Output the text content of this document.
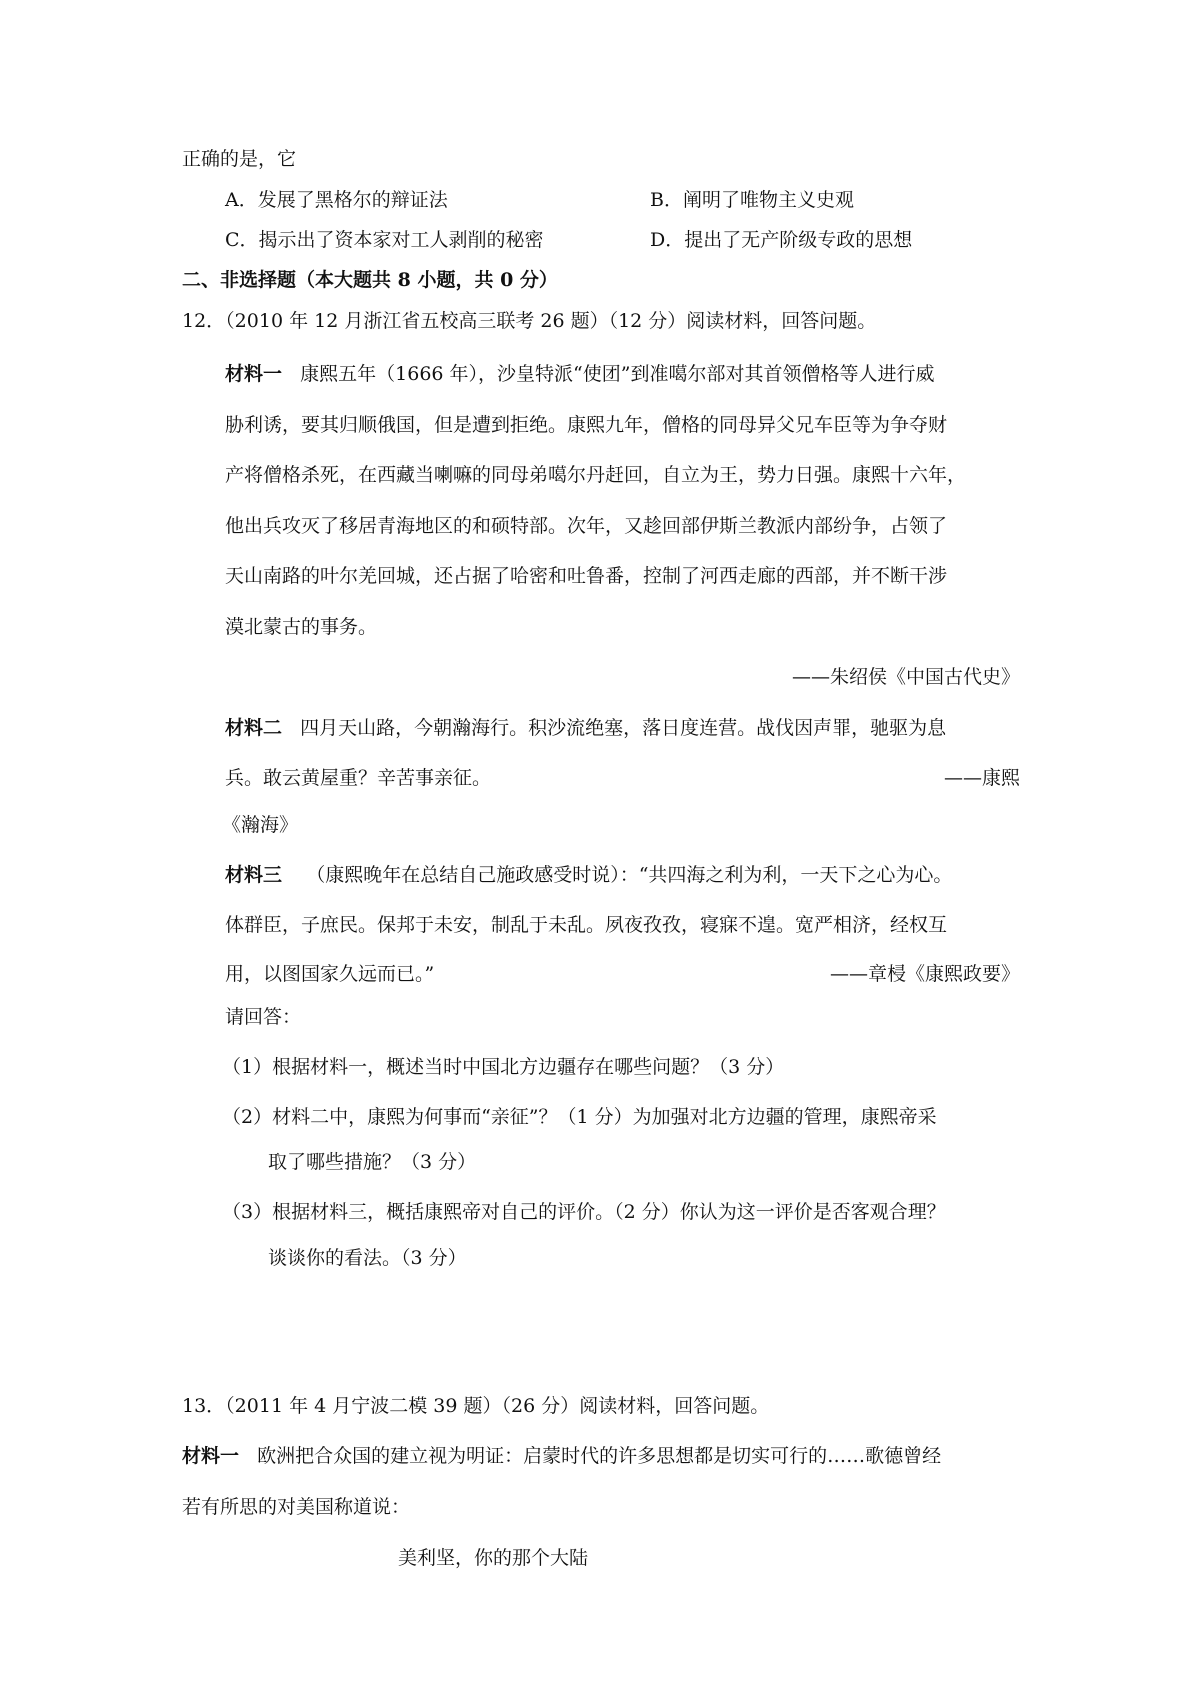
正确的是，它
A．发展了黑格尔的辩证法	B．阐明了唯物主义史观
C．揭示出了资本家对工人剥削的秘密	D．提出了无产阶级专政的思想
二、非选择题（本大题共 8 小题，共 0 分）
12．（2010 年 12 月浙江省五校高三联考 26 题）（12 分）阅读材料，回答问题。
材料一 康熙五年（1666 年），沙皇特派“使团”到准噶尔部对其首领僧格等人进行威
胁利诱，要其归顺俄国，但是遭到拒绝。康熙九年，僧格的同母异父兄车臣等为争夺财
产将僧格杀死，在西藏当喇嘛的同母弟噶尔丹赶回，自立为王，势力日强。康熙十六年，
他出兵攻灭了移居青海地区的和硕特部。次年，又趁回部伊斯兰教派内部纷争，占领了
天山南路的叶尔羌回城，还占据了哈密和吐鲁番，控制了河西走廊的西部，并不断干涉
漠北蒙古的事务。
——朱绍侯《中国古代史》
材料二 四月天山路，今朝瀚海行。积沙流绝塞，落日度连营。战伐因声罪，驰驱为息
兵。敢云黄屋重？辛苦事亲征。	——康熙
《瀚海》
材料三 （康熙晚年在总结自己施政感受时说）：“共四海之利为利，一天下之心为心。
体群臣，子庶民。保邦于未安，制乱于未乱。夙夜孜孜，寝寐不遑。宽严相济，经权互
用，以图国家久远而已。”	——章梫《康熙政要》
请回答：
（1）根据材料一，概述当时中国北方边疆存在哪些问题？（3 分）
（2）材料二中，康熙为何事而“亲征”？（1 分）为加强对北方边疆的管理，康熙帝采
取了哪些措施？（3 分）
（3）根据材料三，概括康熙帝对自己的评价。（2 分）你认为这一评价是否客观合理？
谈谈你的看法。（3 分）
13．（2011 年 4 月宁波二模 39 题）（26 分）阅读材料，回答问题。
材料一 欧洲把合众国的建立视为明证：启蒙时代的许多思想都是切实可行的……歌德曾经
若有所思的对美国称道说：
美利坚，你的那个大陆
